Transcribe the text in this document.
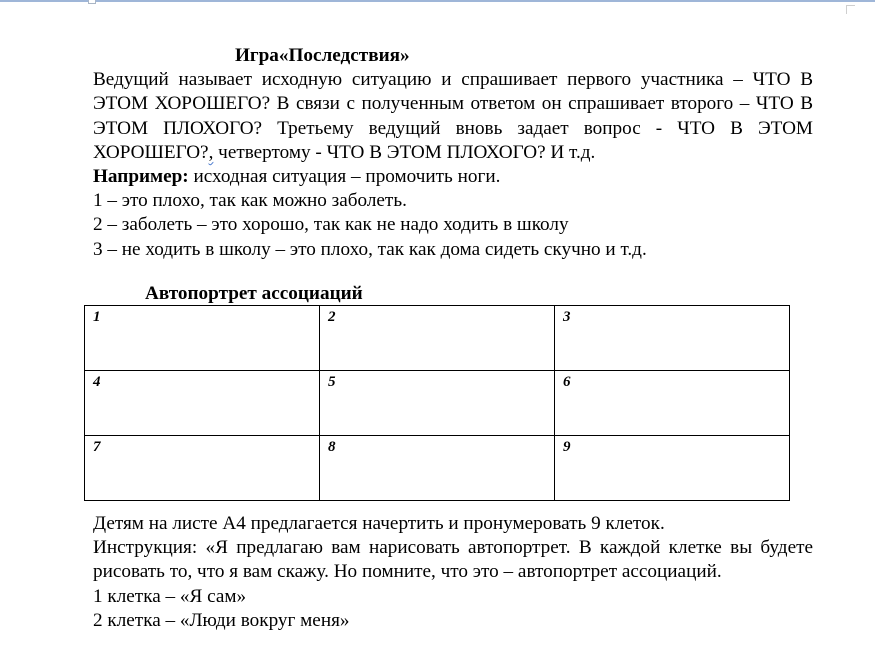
Игра«Последствия»

Ведущий называет исходную ситуацию и спрашивает первого участника – ЧТО В ЭТОМ ХОРОШЕГО? В связи с полученным ответом он спрашивает второго – ЧТО В ЭТОМ ПЛОХОГО? Третьему ведущий вновь задает вопрос - ЧТО В ЭТОМ ХОРОШЕГО?, четвертому - ЧТО В ЭТОМ ПЛОХОГО? И т.д.

Например: исходная ситуация – промочить ноги.

1 – это плохо, так как можно заболеть.

2 – заболеть – это хорошо, так как не надо ходить в школу

3 – не ходить в школу – это плохо, так как дома сидеть скучно и т.д.

Автопортрет ассоциаций
1	2	3
4	5	6
7	8	9

Детям на листе А4 предлагается начертить и пронумеровать 9 клеток.

Инструкция: «Я предлагаю вам нарисовать автопортрет. В каждой клетке вы будете рисовать то, что я вам скажу. Но помните, что это – автопортрет ассоциаций.

1 клетка – «Я сам»

2 клетка – «Люди вокруг меня»
